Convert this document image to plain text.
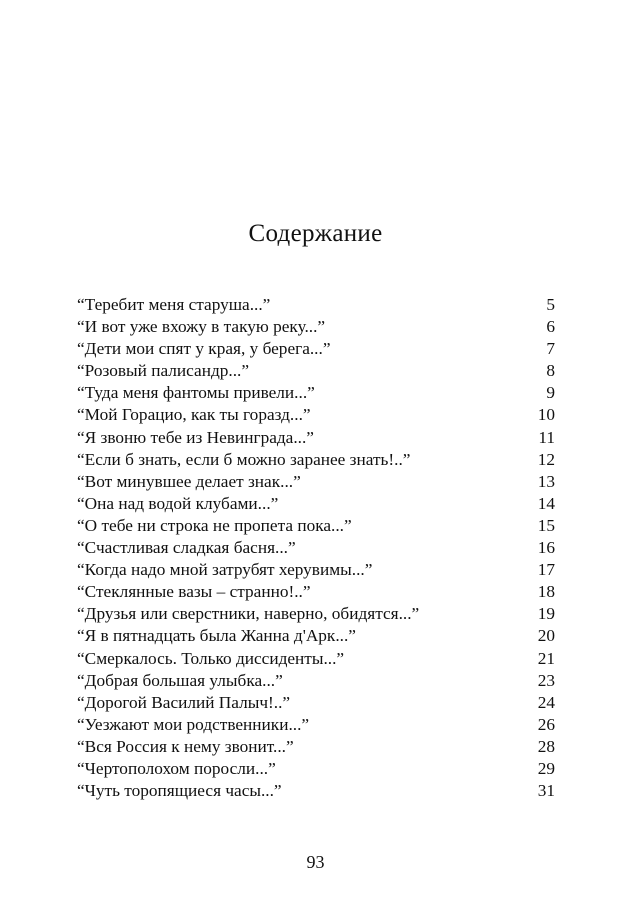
Содержание
“Теребит меня старуша...”	5
“И вот уже вхожу в такую реку...”	6
“Дети мои спят у края, у берега...”	7
“Розовый палисандр...”	8
“Туда меня фантомы привели...”	9
“Мой Горацио, как ты горазд...”	10
“Я звоню тебе из Невинграда...”	11
“Если б знать, если б можно заранее знать!..”	12
“Вот минувшее делает знак...”	13
“Она над водой клубами...”	14
“О тебе ни строка не пропета пока...”	15
“Счастливая сладкая басня...”	16
“Когда надо мной затрубят херувимы...”	17
“Стеклянные вазы – странно!..”	18
“Друзья или сверстники, наверно, обидятся...”	19
“Я в пятнадцать была Жанна д'Арк...”	20
“Смеркалось. Только диссиденты...”	21
“Добрая большая улыбка...”	23
“Дорогой Василий Палыч!..”	24
“Уезжают мои родственники...”	26
“Вся Россия к нему звонит...”	28
“Чертополохом поросли...”	29
“Чуть торопящиеся часы...”	31
93
